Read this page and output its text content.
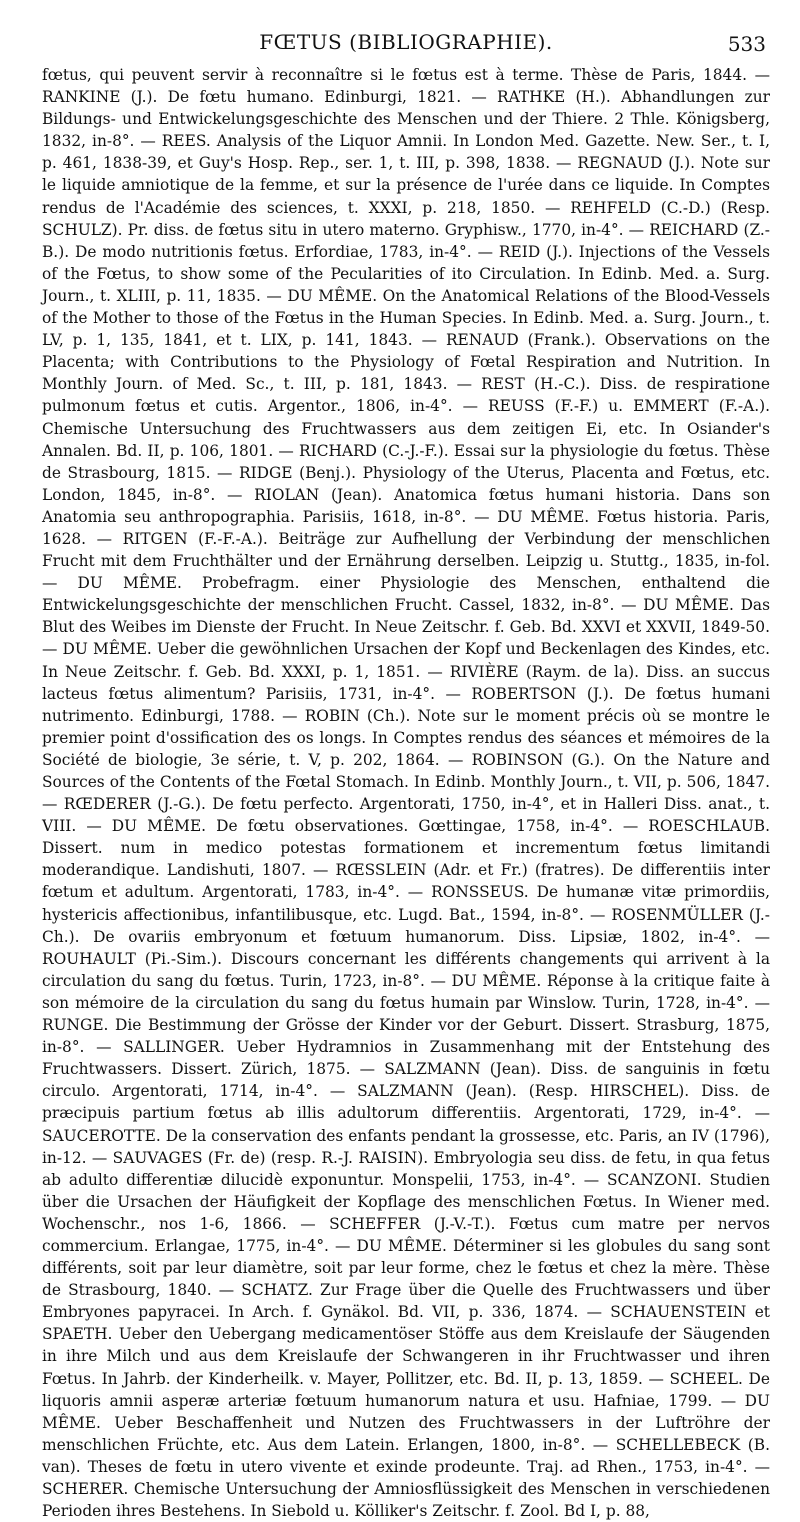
FŒTUS (BIBLIOGRAPHIE).	533

fœtus, qui peuvent servir à reconnaître si le fœtus est à terme. Thèse de Paris, 1844. — RANKINE (J.). De fœtu humano. Edinburgi, 1821. — RATHKE (H.). Abhandlungen zur Bildungs- und Entwickelungsgeschichte des Menschen und der Thiere. 2 Thle. Königsberg, 1832, in-8°. — REES. Analysis of the Liquor Amnii. In London Med. Gazette. New. Ser., t. I, p. 461, 1838-39, et Guy's Hosp. Rep., ser. 1, t. III, p. 398, 1838. — REGNAUD (J.). Note sur le liquide amniotique de la femme, et sur la présence de l'urée dans ce liquide. In Comptes rendus de l'Académie des sciences, t. XXXI, p. 218, 1850. — REHFELD (C.-D.) (Resp. SCHULZ). Pr. diss. de fœtus situ in utero materno. Gryphisw., 1770, in-4°. — REICHARD (Z.-B.). De modo nutritionis fœtus. Erfordiae, 1783, in-4°. — REID (J.). Injections of the Vessels of the Fœtus, to show some of the Pecularities of ito Circulation. In Edinb. Med. a. Surg. Journ., t. XLIII, p. 11, 1835. — DU MÊME. On the Anatomical Relations of the Blood-Vessels of the Mother to those of the Fœtus in the Human Species. In Edinb. Med. a. Surg. Journ., t. LV, p. 1, 135, 1841, et t. LIX, p. 141, 1843. — RENAUD (Frank.). Observations on the Placenta; with Contributions to the Physiology of Fœtal Respiration and Nutrition. In Monthly Journ. of Med. Sc., t. III, p. 181, 1843. — REST (H.-C.). Diss. de respiratione pulmonum fœtus et cutis. Argentor., 1806, in-4°. — REUSS (F.-F.) u. EMMERT (F.-A.). Chemische Untersuchung des Fruchtwassers aus dem zeitigen Ei, etc. In Osiander's Annalen. Bd. II, p. 106, 1801. — RICHARD (C.-J.-F.). Essai sur la physiologie du fœtus. Thèse de Strasbourg, 1815. — RIDGE (Benj.). Physiology of the Uterus, Placenta and Fœtus, etc. London, 1845, in-8°. — RIOLAN (Jean). Anatomica fœtus humani historia. Dans son Anatomia seu anthropographia. Parisiis, 1618, in-8°. — DU MÊME. Fœtus historia. Paris, 1628. — RITGEN (F.-F.-A.). Beiträge zur Aufhellung der Verbindung der menschlichen Frucht mit dem Fruchthälter und der Ernährung derselben. Leipzig u. Stuttg., 1835, in-fol. — DU MÊME. Probefragm. einer Physiologie des Menschen, enthaltend die Entwickelungsgeschichte der menschlichen Frucht. Cassel, 1832, in-8°. — DU MÊME. Das Blut des Weibes im Dienste der Frucht. In Neue Zeitschr. f. Geb. Bd. XXVI et XXVII, 1849-50. — DU MÊME. Ueber die gewöhnlichen Ursachen der Kopf und Beckenlagen des Kindes, etc. In Neue Zeitschr. f. Geb. Bd. XXXI, p. 1, 1851. — RIVIÈRE (Raym. de la). Diss. an succus lacteus fœtus alimentum? Parisiis, 1731, in-4°. — ROBERTSON (J.). De fœtus humani nutrimento. Edinburgi, 1788. — ROBIN (Ch.). Note sur le moment précis où se montre le premier point d'ossification des os longs. In Comptes rendus des séances et mémoires de la Société de biologie, 3e série, t. V, p. 202, 1864. — ROBINSON (G.). On the Nature and Sources of the Contents of the Fœtal Stomach. In Edinb. Monthly Journ., t. VII, p. 506, 1847. — RŒDERER (J.-G.). De fœtu perfecto. Argentorati, 1750, in-4°, et in Halleri Diss. anat., t. VIII. — DU MÊME. De fœtu observationes. Gœttingae, 1758, in-4°. — ROESCHLAUB. Dissert. num in medico potestas formationem et incrementum fœtus limitandi moderandique. Landishuti, 1807. — RŒSSLEIN (Adr. et Fr.) (fratres). De differentiis inter fœtum et adultum. Argentorati, 1783, in-4°. — RONSSEUS. De humanæ vitæ primordiis, hystericis affectionibus, infantilibusque, etc. Lugd. Bat., 1594, in-8°. — ROSENMÜLLER (J.-Ch.). De ovariis embryonum et fœtuum humanorum. Diss. Lipsiæ, 1802, in-4°. — ROUHAULT (Pi.-Sim.). Discours concernant les différents changements qui arrivent à la circulation du sang du fœtus. Turin, 1723, in-8°. — DU MÊME. Réponse à la critique faite à son mémoire de la circulation du sang du fœtus humain par Winslow. Turin, 1728, in-4°. — RUNGE. Die Bestimmung der Grösse der Kinder vor der Geburt. Dissert. Strasburg, 1875, in-8°. — SALLINGER. Ueber Hydramnios in Zusammenhang mit der Entstehung des Fruchtwassers. Dissert. Zürich, 1875. — SALZMANN (Jean). Diss. de sanguinis in fœtu circulo. Argentorati, 1714, in-4°. — SALZMANN (Jean). (Resp. HIRSCHEL). Diss. de præcipuis partium fœtus ab illis adultorum differentiis. Argentorati, 1729, in-4°. — SAUCEROTTE. De la conservation des enfants pendant la grossesse, etc. Paris, an IV (1796), in-12. — SAUVAGES (Fr. de) (resp. R.-J. RAISIN). Embryologia seu diss. de fetu, in qua fetus ab adulto differentiæ dilucidè exponuntur. Monspelii, 1753, in-4°. — SCANZONI. Studien über die Ursachen der Häufigkeit der Kopflage des menschlichen Fœtus. In Wiener med. Wochenschr., nos 1-6, 1866. — SCHEFFER (J.-V.-T.). Fœtus cum matre per nervos commercium. Erlangae, 1775, in-4°. — DU MÊME. Déterminer si les globules du sang sont différents, soit par leur diamètre, soit par leur forme, chez le fœtus et chez la mère. Thèse de Strasbourg, 1840. — SCHATZ. Zur Frage über die Quelle des Fruchtwassers und über Embryones papyracei. In Arch. f. Gynäkol. Bd. VII, p. 336, 1874. — SCHAUENSTEIN et SPAETH. Ueber den Uebergang medicamentöser Stöffe aus dem Kreislaufe der Säugenden in ihre Milch und aus dem Kreislaufe der Schwangeren in ihr Fruchtwasser und ihren Fœtus. In Jahrb. der Kinderheilk. v. Mayer, Pollitzer, etc. Bd. II, p. 13, 1859. — SCHEEL. De liquoris amnii asperæ arteriæ fœtuum humanorum natura et usu. Hafniae, 1799. — DU MÊME. Ueber Beschaffenheit und Nutzen des Fruchtwassers in der Luftröhre der menschlichen Früchte, etc. Aus dem Latein. Erlangen, 1800, in-8°. — SCHELLEBECK (B. van). Theses de fœtu in utero vivente et exinde prodeunte. Traj. ad Rhen., 1753, in-4°. — SCHERER. Chemische Untersuchung der Amniosflüssigkeit des Menschen in verschiedenen Perioden ihres Bestehens. In Siebold u. Kölliker's Zeitschr. f. Zool. Bd I, p. 88,
